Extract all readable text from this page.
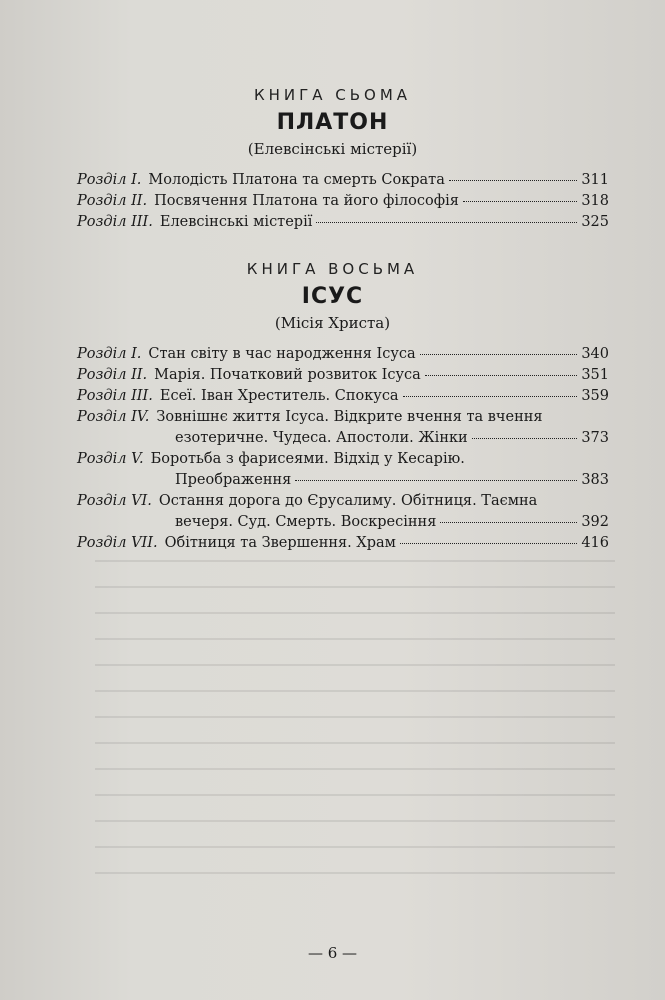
КНИГА СЬОМА
ПЛАТОН
(Елевсінські містерії)
Розділ I. Молодість Платона та смерть Сократа	311
Розділ II. Посвячення Платона та його філософія	318
Розділ III. Елевсінські містерії	325
КНИГА ВОСЬМА
ІСУС
(Місія Христа)
Розділ I. Стан світу в час народження Ісуса	340
Розділ II. Марія. Початковий розвиток Ісуса	351
Розділ III. Есеї. Іван Хреститель. Спокуса	359
Розділ IV. Зовнішнє життя Ісуса. Відкрите вчення та вчення
езотеричне. Чудеса. Апостоли. Жінки	373
Розділ V. Боротьба з фарисеями. Відхід у Кесарію.
Преображення	383
Розділ VI. Остання дорога до Єрусалиму. Обітниця. Таємна
вечеря. Суд. Смерть. Воскресіння	392
Розділ VII. Обітниця та Звершення. Храм	416
— 6 —
